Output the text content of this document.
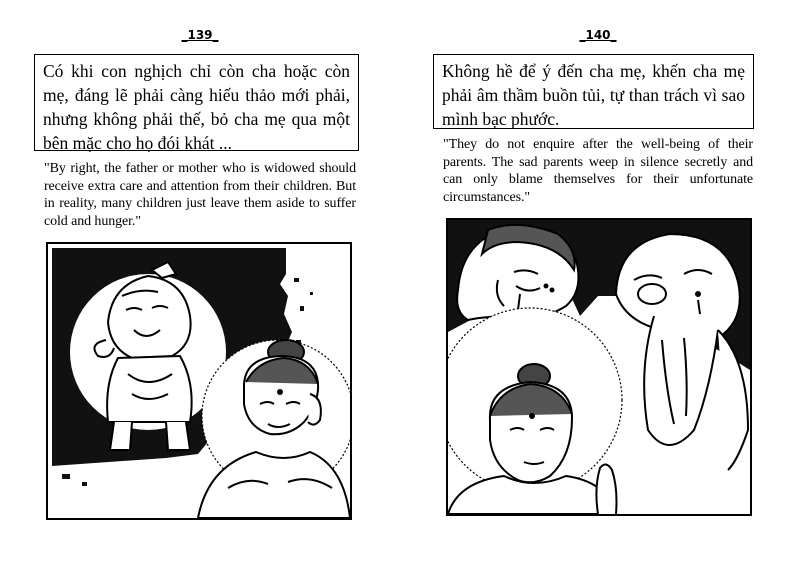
_139_
Có khi con nghịch chỉ còn cha hoặc còn mẹ, đáng lẽ phải càng hiếu thảo mới phải, nhưng không phải thế, bỏ cha mẹ qua một bên mặc cho họ đói khát ...
"By right, the father or mother who is widowed should receive extra care and attention from their children. But in reality, many children just leave them aside to suffer cold and hunger."
_140_
Không hề để ý đến cha mẹ, khến cha mẹ phải âm thầm buồn tủi, tự than trách vì sao mình bạc phước.
"They do not enquire after the well-being of their parents. The sad parents weep in silence secretly and can only blame themselves for their unfortunate circumstances."
